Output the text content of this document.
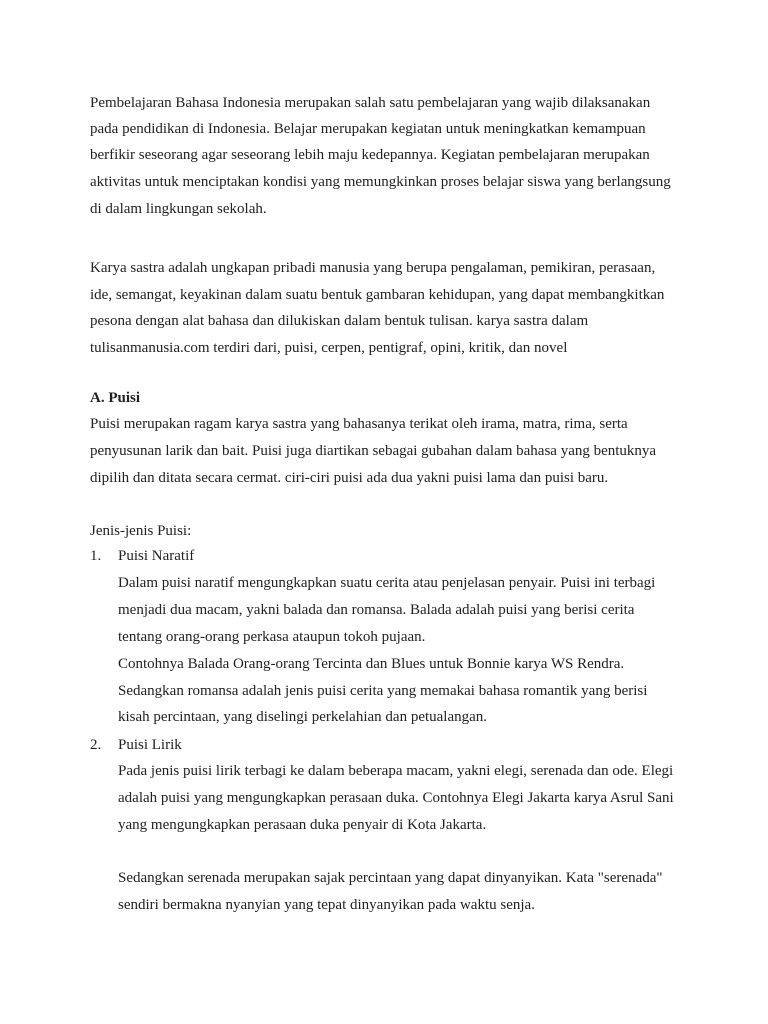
Pembelajaran Bahasa Indonesia merupakan salah satu pembelajaran yang wajib dilaksanakan
pada pendidikan di Indonesia. Belajar merupakan kegiatan untuk meningkatkan kemampuan
berfikir seseorang agar seseorang lebih maju kedepannya. Kegiatan pembelajaran merupakan
aktivitas untuk menciptakan kondisi yang memungkinkan proses belajar siswa yang berlangsung
di dalam lingkungan sekolah.
Karya sastra adalah ungkapan pribadi manusia yang berupa pengalaman, pemikiran, perasaan,
ide, semangat, keyakinan dalam suatu bentuk gambaran kehidupan, yang dapat membangkitkan
pesona dengan alat bahasa dan dilukiskan dalam bentuk tulisan. karya sastra dalam
tulisanmanusia.com terdiri dari, puisi, cerpen, pentigraf, opini, kritik, dan novel
A. Puisi
Puisi merupakan ragam karya sastra yang bahasanya terikat oleh irama, matra, rima, serta
penyusunan larik dan bait. Puisi juga diartikan sebagai gubahan dalam bahasa yang bentuknya
dipilih dan ditata secara cermat. ciri-ciri puisi ada dua yakni puisi lama dan puisi baru.
Jenis-jenis Puisi:
1. Puisi Naratif
Dalam puisi naratif mengungkapkan suatu cerita atau penjelasan penyair. Puisi ini terbagi
menjadi dua macam, yakni balada dan romansa. Balada adalah puisi yang berisi cerita
tentang orang-orang perkasa ataupun tokoh pujaan.
Contohnya Balada Orang-orang Tercinta dan Blues untuk Bonnie karya WS Rendra.
Sedangkan romansa adalah jenis puisi cerita yang memakai bahasa romantik yang berisi
kisah percintaan, yang diselingi perkelahian dan petualangan.
2. Puisi Lirik
Pada jenis puisi lirik terbagi ke dalam beberapa macam, yakni elegi, serenada dan ode. Elegi
adalah puisi yang mengungkapkan perasaan duka. Contohnya Elegi Jakarta karya Asrul Sani
yang mengungkapkan perasaan duka penyair di Kota Jakarta.
Sedangkan serenada merupakan sajak percintaan yang dapat dinyanyikan. Kata "serenada"
sendiri bermakna nyanyian yang tepat dinyanyikan pada waktu senja.
